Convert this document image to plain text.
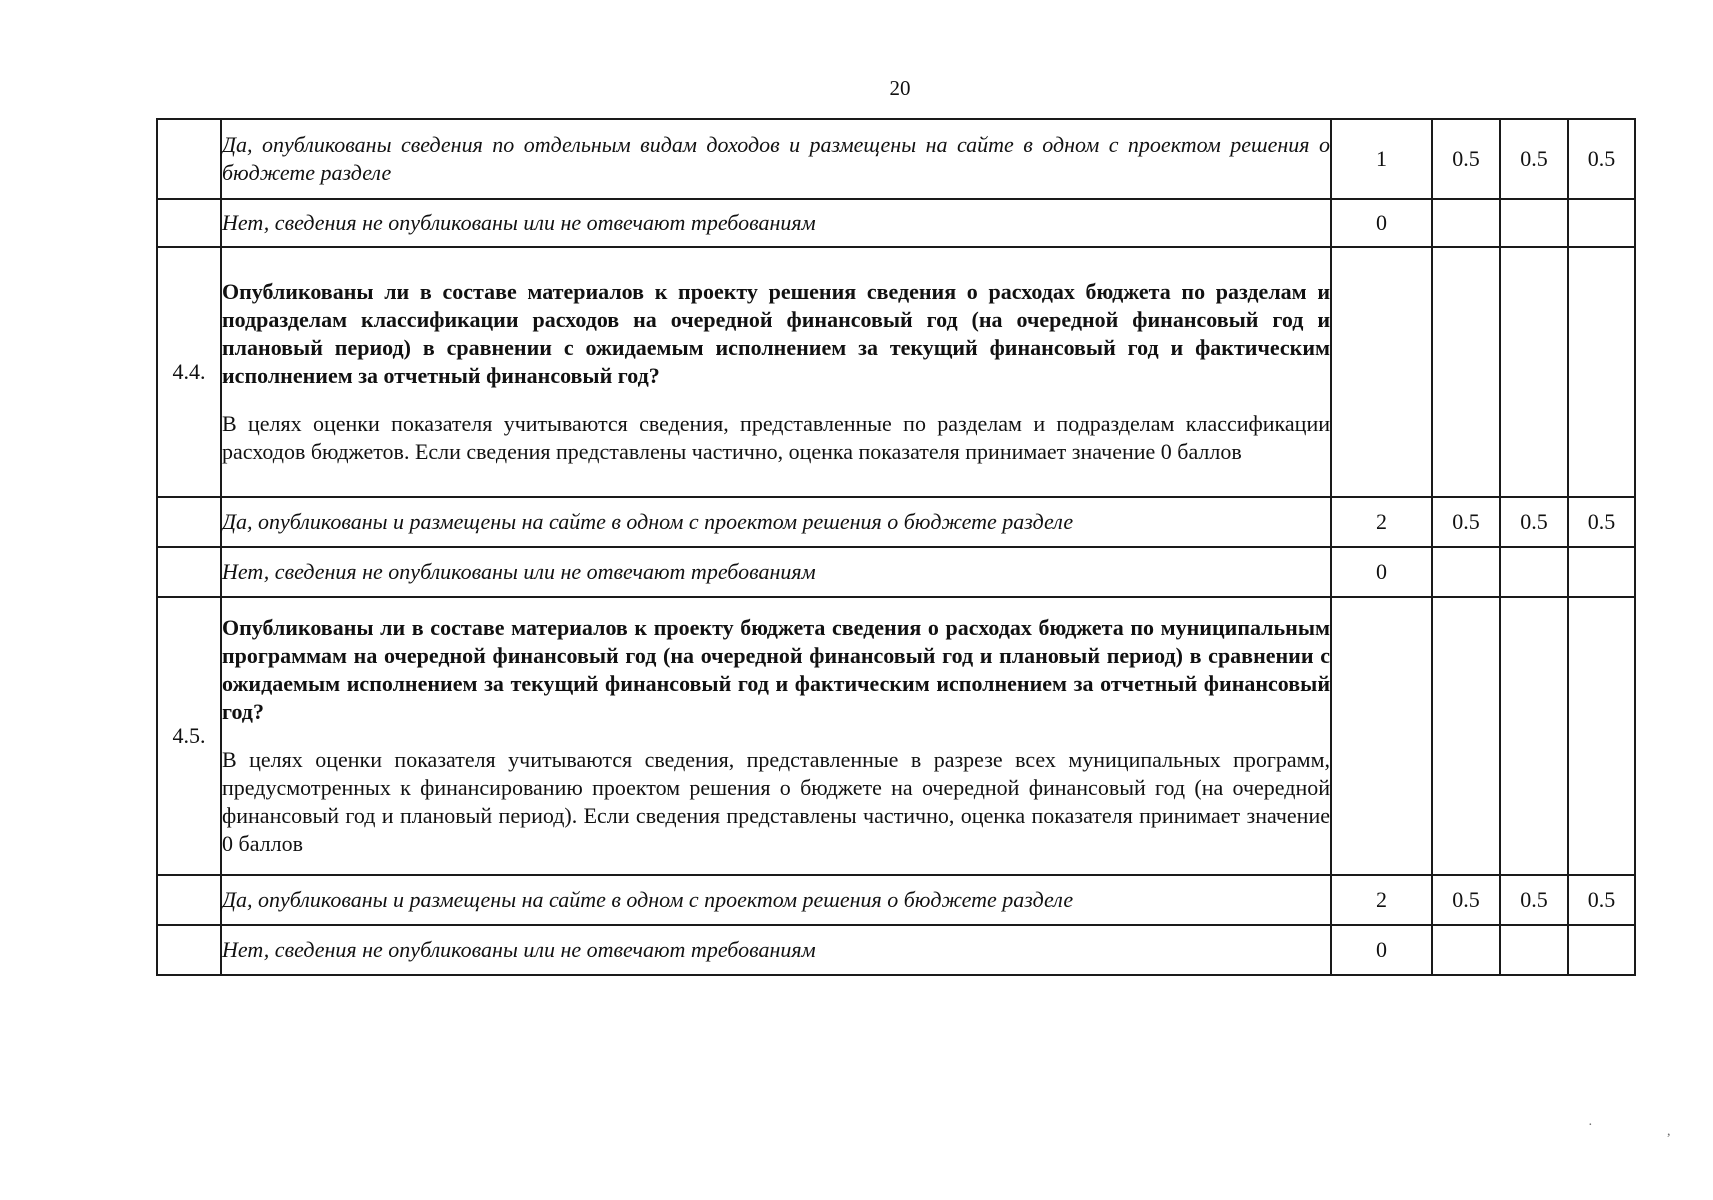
20
	Да, опубликованы сведения по отдельным видам доходов и размещены на сайте в одном с проектом решения о бюджете разделе	1	0.5	0.5	0.5
	Нет, сведения не опубликованы или не отвечают требованиям	0			
4.4.	Опубликованы ли в составе материалов к проекту решения сведения о расходах бюджета по разделам и подразделам классификации расходов на очередной финансовый год (на очередной финансовый год и плановый период) в сравнении с ожидаемым исполнением за текущий финансовый год и фактическим исполнением за отчетный финансовый год?
В целях оценки показателя учитываются сведения, представленные по разделам и подразделам классификации расходов бюджетов. Если сведения представлены частично, оценка показателя принимает значение 0 баллов				

	Да, опубликованы и размещены на сайте в одном с проектом решения о бюджете разделе	2	0.5	0.5	0.5
	Нет, сведения не опубликованы или не отвечают требованиям	0			
4.5.	Опубликованы ли в составе материалов к проекту бюджета сведения о расходах бюджета по муниципальным программам на очередной финансовый год (на очередной финансовый год и плановый период) в сравнении с ожидаемым исполнением за текущий финансовый год и фактическим исполнением за отчетный финансовый год?
В целях оценки показателя учитываются сведения, представленные в разрезе всех муниципальных программ, предусмотренных к финансированию проектом решения о бюджете на очередной финансовый год (на очередной финансовый год и плановый период). Если сведения представлены частично, оценка показателя принимает значение 0 баллов				

	Да, опубликованы и размещены на сайте в одном с проектом решения о бюджете разделе	2	0.5	0.5	0.5
	Нет, сведения не опубликованы или не отвечают требованиям	0			
·	,
